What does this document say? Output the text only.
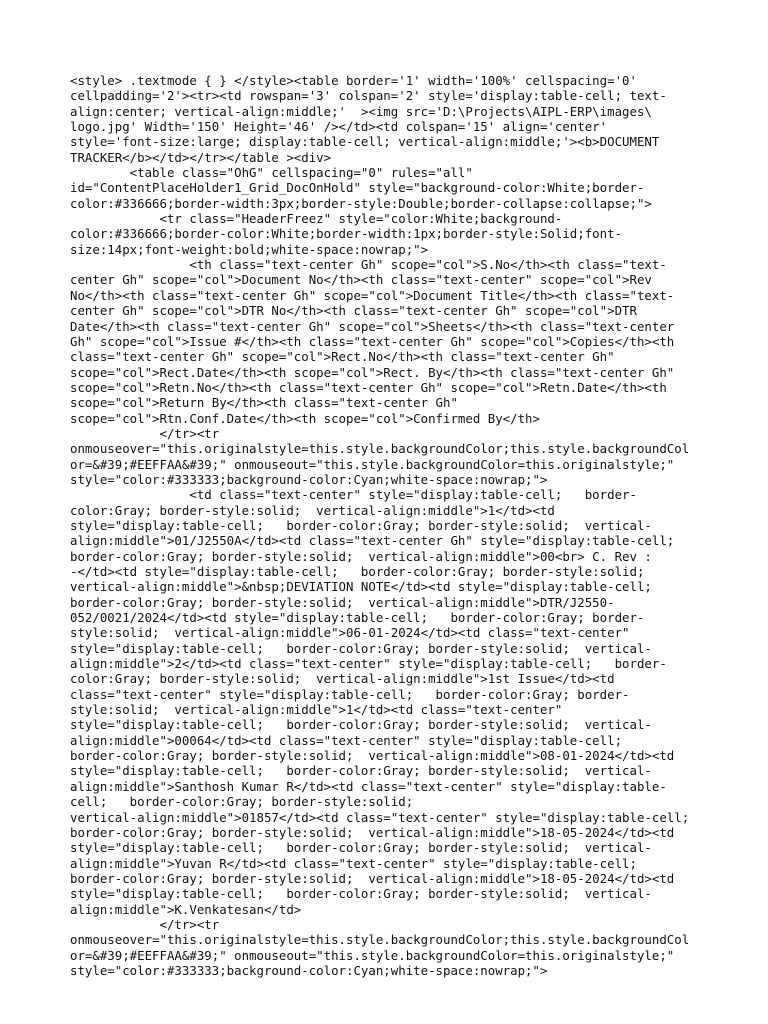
<style> .textmode { } </style><table border='1' width='100%' cellspacing='0'
cellpadding='2'><tr><td rowspan='3' colspan='2' style='display:table-cell; text-
align:center; vertical-align:middle;'  ><img src='D:\Projects\AIPL-ERP\images\
logo.jpg' Width='150' Height='46' /></td><td colspan='15' align='center'
style='font-size:large; display:table-cell; vertical-align:middle;'><b>DOCUMENT
TRACKER</b></td></tr></table ><div>
<table class="OhG" cellspacing="0" rules="all"
id="ContentPlaceHolder1_Grid_DocOnHold" style="background-color:White;border-
color:#336666;border-width:3px;border-style:Double;border-collapse:collapse;">
<tr class="HeaderFreez" style="color:White;background-
color:#336666;border-color:White;border-width:1px;border-style:Solid;font-
size:14px;font-weight:bold;white-space:nowrap;">
<th class="text-center Gh" scope="col">S.No</th><th class="text-
center Gh" scope="col">Document No</th><th class="text-center" scope="col">Rev
No</th><th class="text-center Gh" scope="col">Document Title</th><th class="text-
center Gh" scope="col">DTR No</th><th class="text-center Gh" scope="col">DTR
Date</th><th class="text-center Gh" scope="col">Sheets</th><th class="text-center
Gh" scope="col">Issue #</th><th class="text-center Gh" scope="col">Copies</th><th
class="text-center Gh" scope="col">Rect.No</th><th class="text-center Gh"
scope="col">Rect.Date</th><th scope="col">Rect. By</th><th class="text-center Gh"
scope="col">Retn.No</th><th class="text-center Gh" scope="col">Retn.Date</th><th
scope="col">Return By</th><th class="text-center Gh"
scope="col">Rtn.Conf.Date</th><th scope="col">Confirmed By</th>
</tr><tr
onmouseover="this.originalstyle=this.style.backgroundColor;this.style.backgroundCol
or=&#39;#EEFFAA&#39;" onmouseout="this.style.backgroundColor=this.originalstyle;"
style="color:#333333;background-color:Cyan;white-space:nowrap;">
<td class="text-center" style="display:table-cell;   border-
color:Gray; border-style:solid;  vertical-align:middle">1</td><td
style="display:table-cell;   border-color:Gray; border-style:solid;  vertical-
align:middle">01/J2550A</td><td class="text-center Gh" style="display:table-cell;
border-color:Gray; border-style:solid;  vertical-align:middle">00<br> C. Rev :
-</td><td style="display:table-cell;   border-color:Gray; border-style:solid;
vertical-align:middle">&nbsp;DEVIATION NOTE</td><td style="display:table-cell;
border-color:Gray; border-style:solid;  vertical-align:middle">DTR/J2550-
052/0021/2024</td><td style="display:table-cell;   border-color:Gray; border-
style:solid;  vertical-align:middle">06-01-2024</td><td class="text-center"
style="display:table-cell;   border-color:Gray; border-style:solid;  vertical-
align:middle">2</td><td class="text-center" style="display:table-cell;   border-
color:Gray; border-style:solid;  vertical-align:middle">1st Issue</td><td
class="text-center" style="display:table-cell;   border-color:Gray; border-
style:solid;  vertical-align:middle">1</td><td class="text-center"
style="display:table-cell;   border-color:Gray; border-style:solid;  vertical-
align:middle">00064</td><td class="text-center" style="display:table-cell;
border-color:Gray; border-style:solid;  vertical-align:middle">08-01-2024</td><td
style="display:table-cell;   border-color:Gray; border-style:solid;  vertical-
align:middle">Santhosh Kumar R</td><td class="text-center" style="display:table-
cell;   border-color:Gray; border-style:solid;
vertical-align:middle">01857</td><td class="text-center" style="display:table-cell;
border-color:Gray; border-style:solid;  vertical-align:middle">18-05-2024</td><td
style="display:table-cell;   border-color:Gray; border-style:solid;  vertical-
align:middle">Yuvan R</td><td class="text-center" style="display:table-cell;
border-color:Gray; border-style:solid;  vertical-align:middle">18-05-2024</td><td
style="display:table-cell;   border-color:Gray; border-style:solid;  vertical-
align:middle">K.Venkatesan</td>
</tr><tr
onmouseover="this.originalstyle=this.style.backgroundColor;this.style.backgroundCol
or=&#39;#EEFFAA&#39;" onmouseout="this.style.backgroundColor=this.originalstyle;"
style="color:#333333;background-color:Cyan;white-space:nowrap;">
